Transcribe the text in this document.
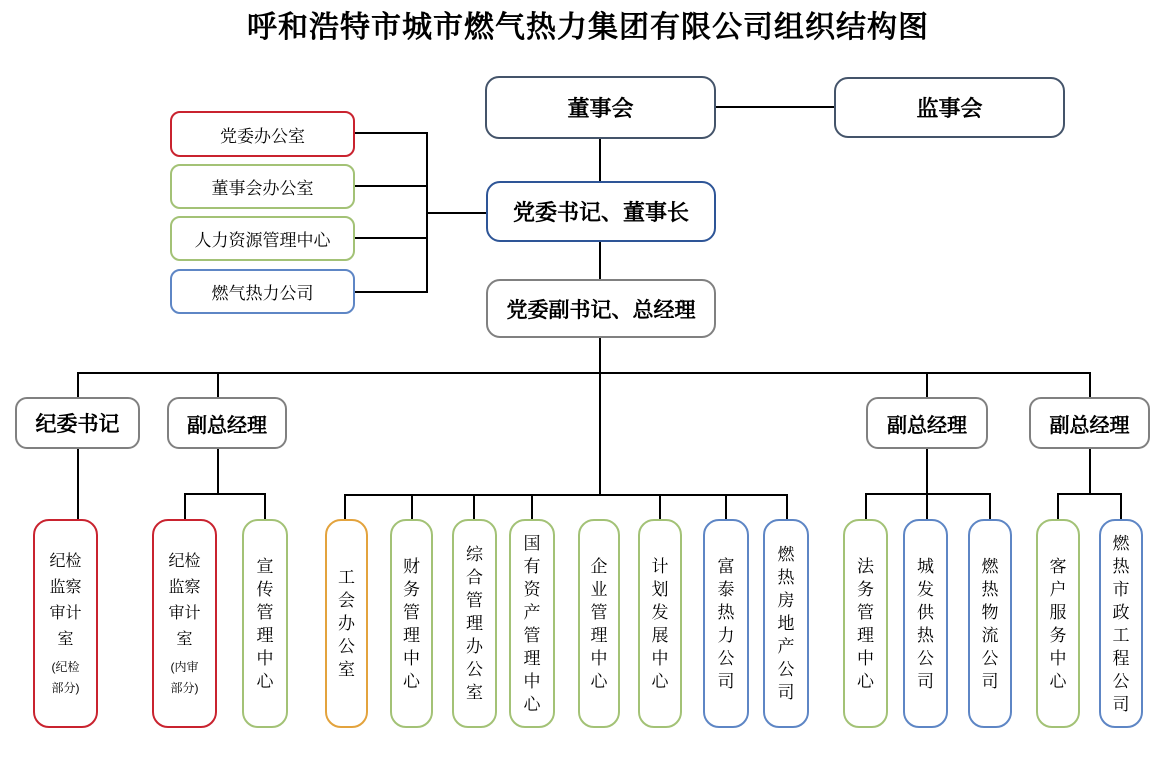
呼和浩特市城市燃气热力集团有限公司组织结构图
董事会	监事会
党委书记、董事长
党委副书记、总经理
党委办公室
董事会办公室
人力资源管理中心
燃气热力公司
纪委书记	副总经理	副总经理	副总经理
纪检监察审计室
(纪检部分)
纪检监察审计室
(内审部分)
宣传管理中心
工会办公室
财务管理中心
综合管理办公室
国有资产管理中心
企业管理中心
计划发展中心
富泰热力公司
燃热房地产公司
法务管理中心
城发供热公司
燃热物流公司
客户服务中心
燃热市政工程公司
